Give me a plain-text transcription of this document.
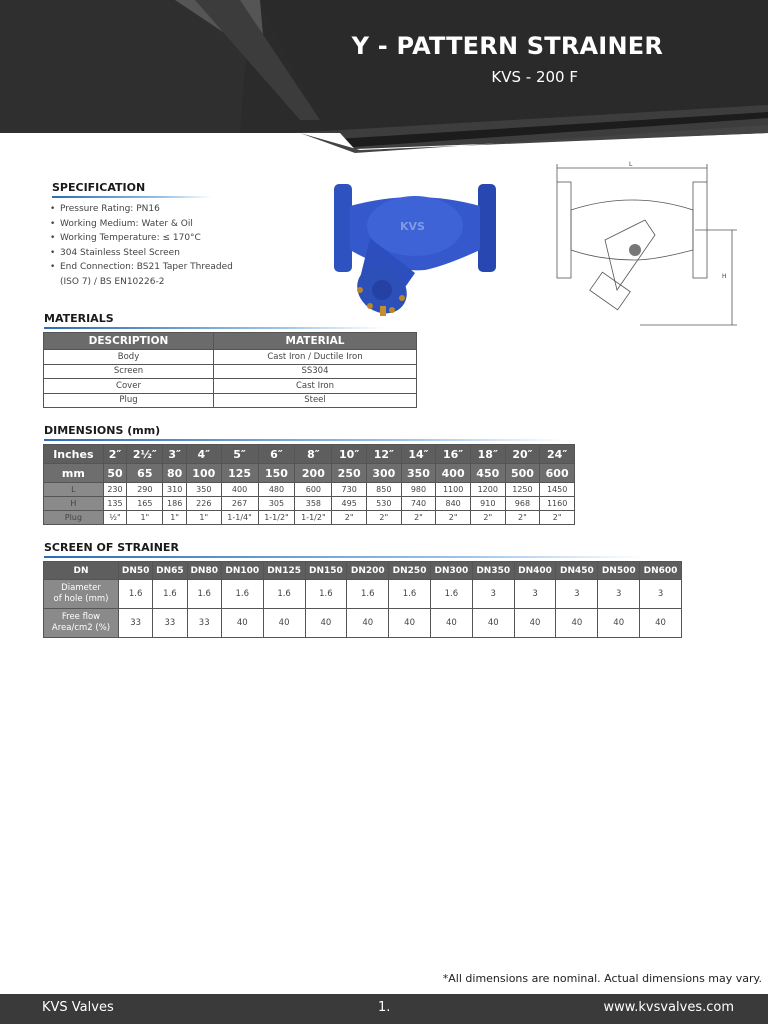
Y - PATTERN STRAINER
KVS - 200 F
SPECIFICATION
• Pressure Rating: PN16
• Working Medium: Water & Oil
• Working Temperature: ≤ 170°C
• 304 Stainless Steel Screen
• End Connection: BS21 Taper Threaded
(ISO 7) / BS EN10226-2
KVS
L
H
MATERIALS
DESCRIPTION	MATERIAL
Body	Cast Iron / Ductile Iron
Screen	SS304
Cover	Cast Iron
Plug	Steel
DIMENSIONS (mm)
Inches	2″	2½″	3″	4″	5″	6″	8″	10″	12″	14″	16″	18″	20″	24″
mm	50	65	80	100	125	150	200	250	300	350	400	450	500	600
L	230	290	310	350	400	480	600	730	850	980	1100	1200	1250	1450
H	135	165	186	226	267	305	358	495	530	740	840	910	968	1160
Plug	½"	1"	1"	1"	1-1/4"	1-1/2"	1-1/2"	2"	2"	2"	2"	2"	2"	2"
SCREEN OF STRAINER
DN	DN50	DN65	DN80	DN100	DN125	DN150	DN200	DN250	DN300	DN350	DN400	DN450	DN500	DN600

Diameter
of hole (mm)	1.6	1.6	1.6	1.6	1.6	1.6	1.6	1.6	1.6	3	3	3	3	3

Free flow
Area/cm2 (%)	33	33	33	40	40	40	40	40	40	40	40	40	40	40
*All dimensions are nominal. Actual dimensions may vary.
KVS Valves	1.	www.kvsvalves.com
